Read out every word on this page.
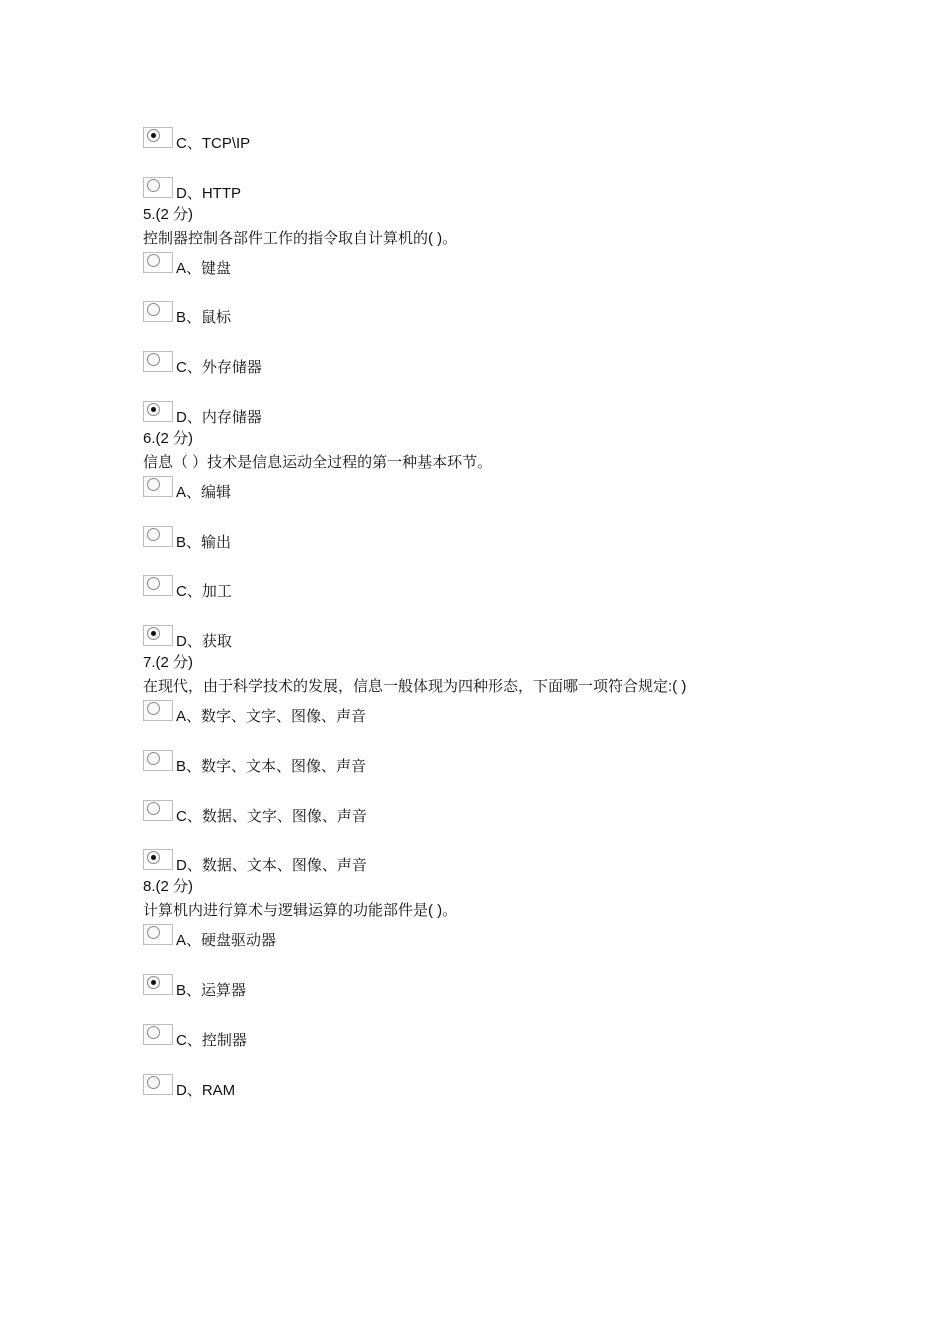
C、TCP\IP
D、HTTP
5.(2 分)
控制器控制各部件工作的指令取自计算机的( )。
A、键盘
B、鼠标
C、外存储器
D、内存储器
6.(2 分)
信息（ ）技术是信息运动全过程的第一种基本环节。
A、编辑
B、输出
C、加工
D、获取
7.(2 分)
在现代，由于科学技术的发展，信息一般体现为四种形态，下面哪一项符合规定:( )
A、数字、文字、图像、声音
B、数字、文本、图像、声音
C、数据、文字、图像、声音
D、数据、文本、图像、声音
8.(2 分)
计算机内进行算术与逻辑运算的功能部件是( )。
A、硬盘驱动器
B、运算器
C、控制器
D、RAM
